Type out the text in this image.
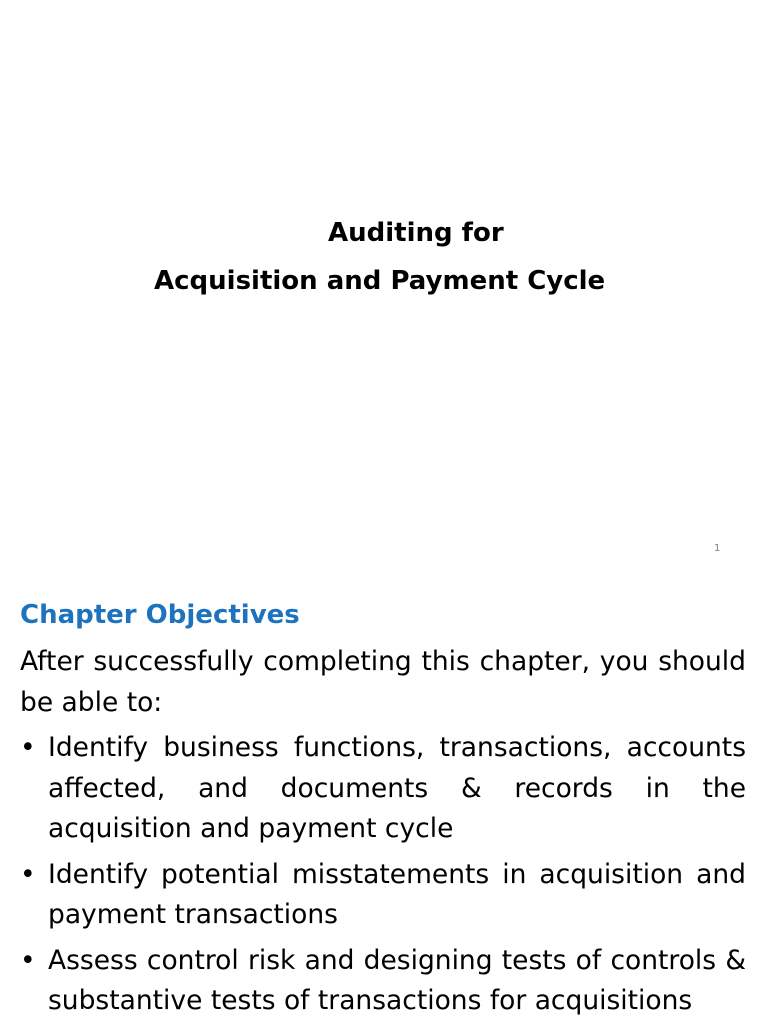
Auditing for
Acquisition and Payment Cycle
1
Chapter Objectives

After successfully completing this chapter, you should be able to:

• Identify business functions, transactions, accounts affected, and documents & records in the acquisition and payment cycle
• Identify potential misstatements in acquisition and payment transactions
• Assess control risk and designing tests of controls & substantive tests of transactions for acquisitions
